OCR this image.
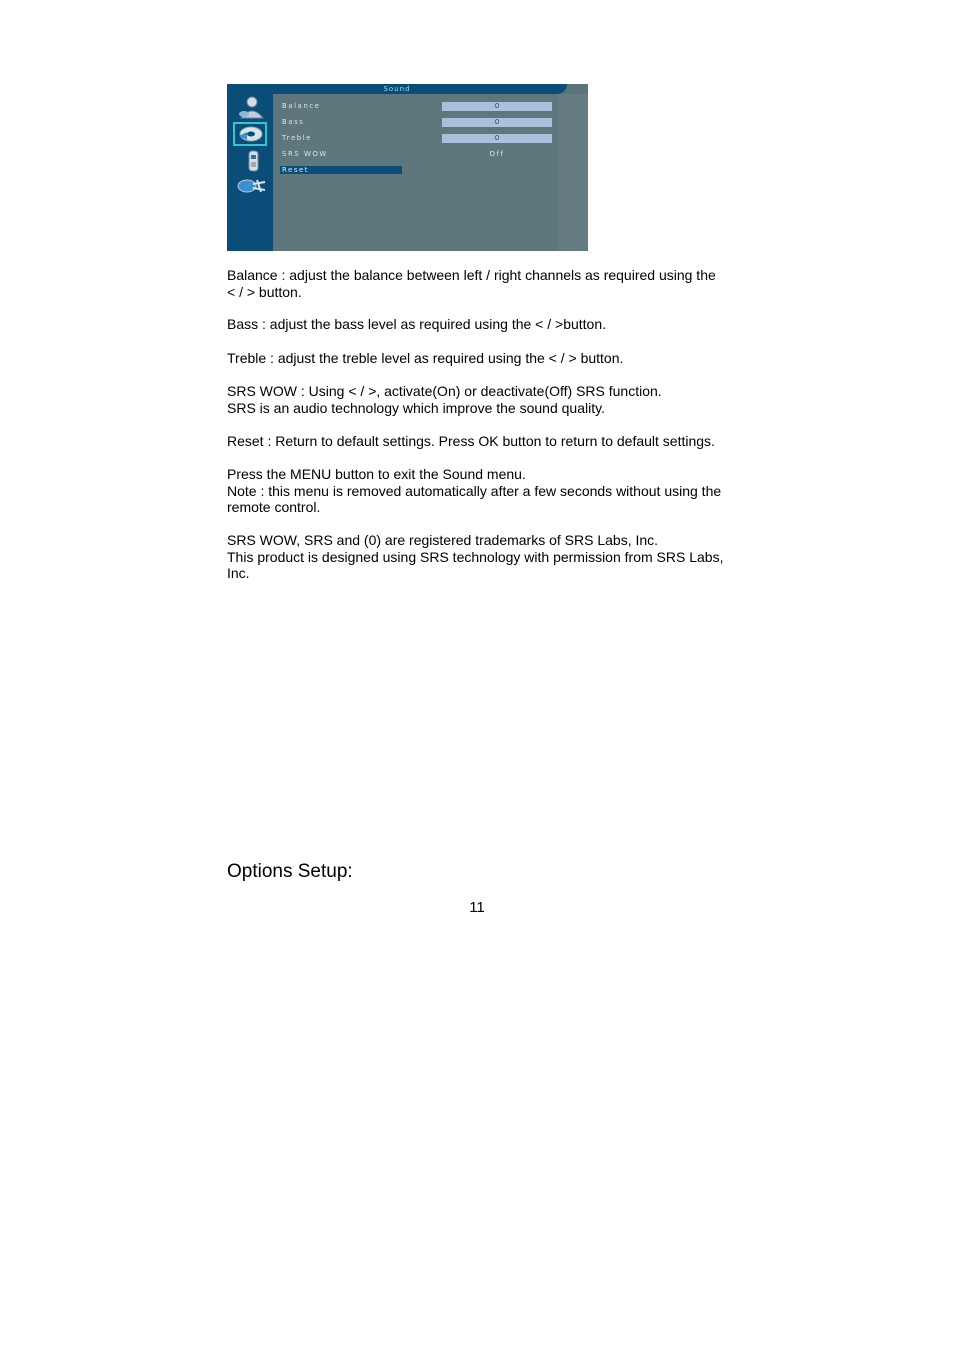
Sound
Balance	0
Bass	0
Treble	0
SRS WOW	Off
Reset
Balance : adjust the balance between left / right channels as required using the
< / > button.
Bass : adjust the bass level as required using the < / >button.
Treble : adjust the treble level as required using the < / > button.
SRS WOW : Using < / >, activate(On) or deactivate(Off) SRS function.
SRS is an audio technology which improve the sound quality.
Reset : Return to default settings. Press OK button to return to default settings.
Press the MENU button to exit the Sound menu.
Note : this menu is removed automatically after a few seconds without using the
remote control.
SRS WOW, SRS and (0) are registered trademarks of SRS Labs, Inc.
This product is designed using SRS technology with permission from SRS Labs,
Inc.
Options Setup:
11
